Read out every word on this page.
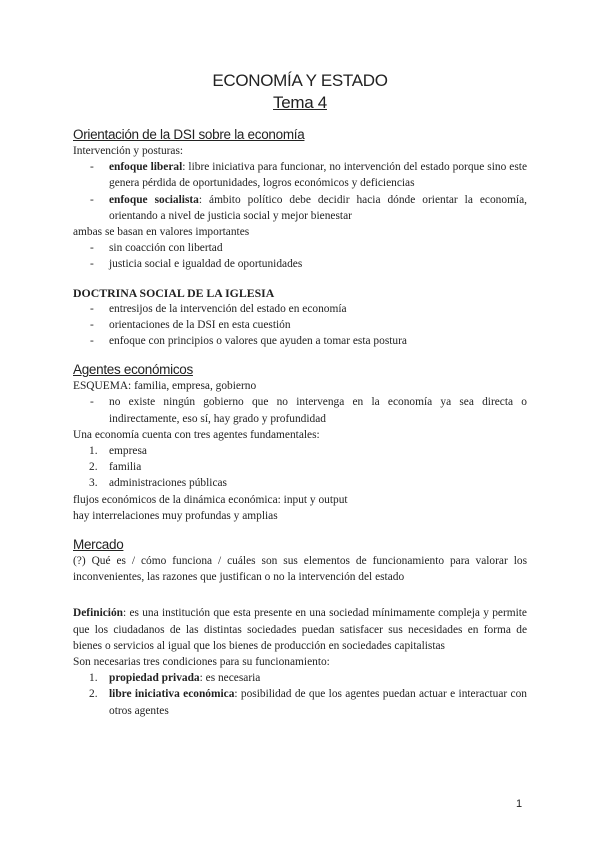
ECONOMÍA Y ESTADO
Tema 4
Orientación de la DSI sobre la economía

Intervención y posturas:

- enfoque liberal: libre iniciativa para funcionar, no intervención del estado porque sino este genera pérdida de oportunidades, logros económicos y deficiencias
- enfoque socialista: ámbito político debe decidir hacia dónde orientar la economía, orientando a nivel de justicia social y mejor bienestar

ambas se basan en valores importantes

- sin coacción con libertad
- justicia social e igualdad de oportunidades
DOCTRINA SOCIAL DE LA IGLESIA
- entresijos de la intervención del estado en economía
- orientaciones de la DSI en esta cuestión
- enfoque con principios o valores que ayuden a tomar esta postura
Agentes económicos

ESQUEMA: familia, empresa, gobierno

- no existe ningún gobierno que no intervenga en la economía ya sea directa o indirectamente, eso sí, hay grado y profundidad

Una economía cuenta con tres agentes fundamentales:

1. empresa
2. familia
3. administraciones públicas

flujos económicos de la dinámica económica: input y output

hay interrelaciones muy profundas y amplias

Mercado

(?) Qué es / cómo funciona / cuáles son sus elementos de funcionamiento para valorar los inconvenientes, las razones que justifican o no la intervención del estado

Definición: es una institución que esta presente en una sociedad mínimamente compleja y permite que los ciudadanos de las distintas sociedades puedan satisfacer sus necesidades en forma de bienes o servicios al igual que los bienes de producción en sociedades capitalistas

Son necesarias tres condiciones para su funcionamiento:

1. propiedad privada: es necesaria
2. libre iniciativa económica: posibilidad de que los agentes puedan actuar e interactuar con otros agentes
1
